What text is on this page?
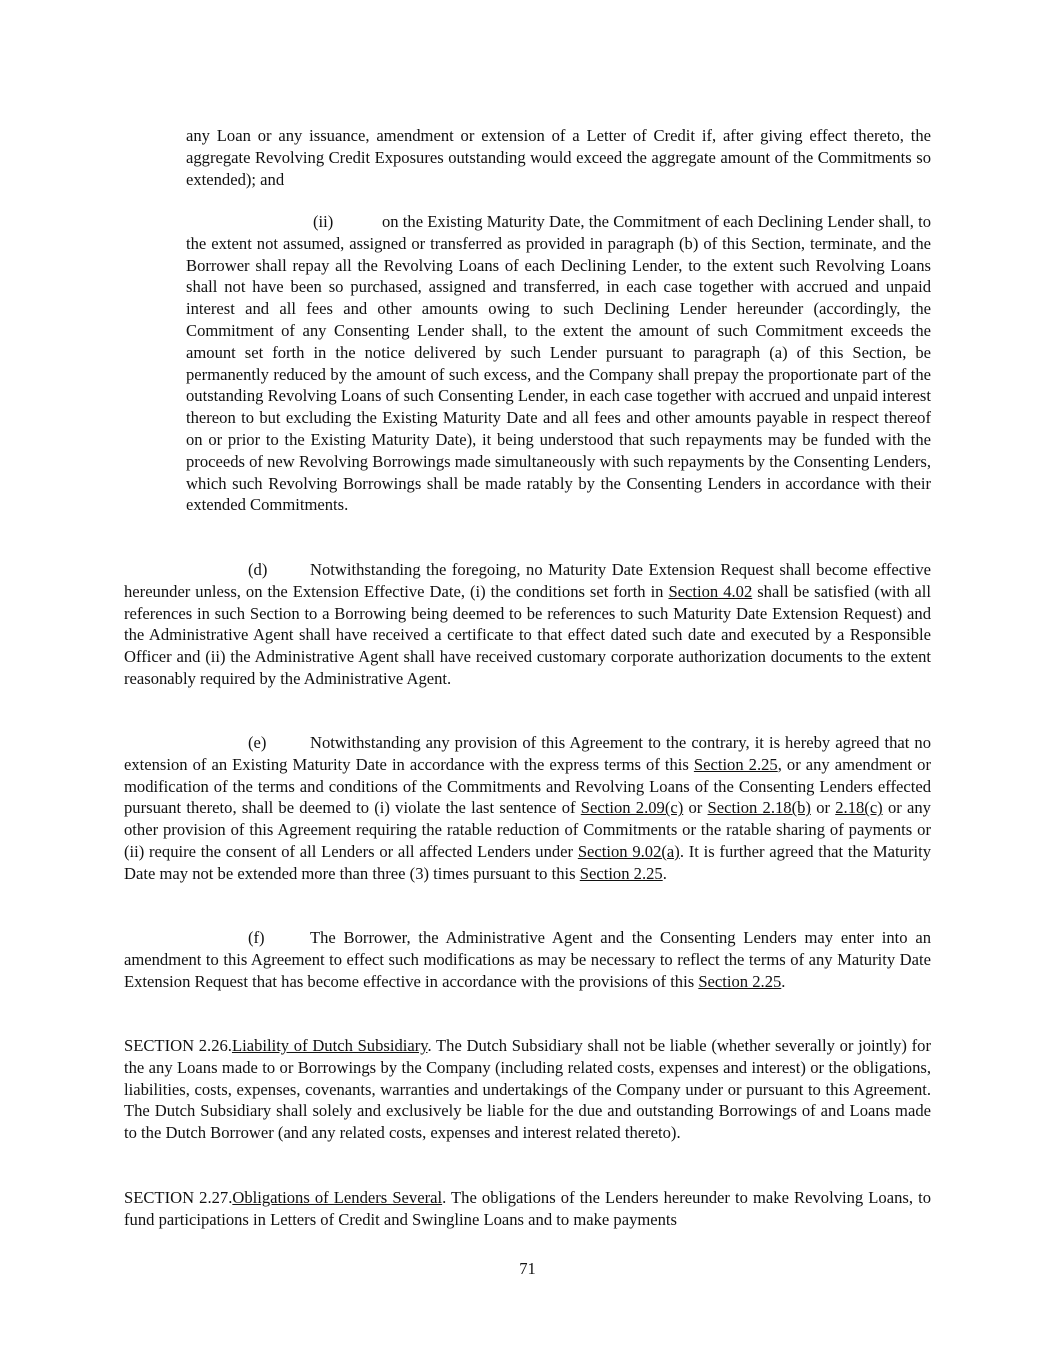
any Loan or any issuance, amendment or extension of a Letter of Credit if, after giving effect thereto, the aggregate Revolving Credit Exposures outstanding would exceed the aggregate amount of the Commitments so extended); and

(ii)	on the Existing Maturity Date, the Commitment of each Declining Lender shall, to the extent not assumed, assigned or transferred as provided in paragraph (b) of this Section, terminate, and the Borrower shall repay all the Revolving Loans of each Declining Lender, to the extent such Revolving Loans shall not have been so purchased, assigned and transferred, in each case together with accrued and unpaid interest and all fees and other amounts owing to such Declining Lender hereunder (accordingly, the Commitment of any Consenting Lender shall, to the extent the amount of such Commitment exceeds the amount set forth in the notice delivered by such Lender pursuant to paragraph (a) of this Section, be permanently reduced by the amount of such excess, and the Company shall prepay the proportionate part of the outstanding Revolving Loans of such Consenting Lender, in each case together with accrued and unpaid interest thereon to but excluding the Existing Maturity Date and all fees and other amounts payable in respect thereof on or prior to the Existing Maturity Date), it being understood that such repayments may be funded with the proceeds of new Revolving Borrowings made simultaneously with such repayments by the Consenting Lenders, which such Revolving Borrowings shall be made ratably by the Consenting Lenders in accordance with their extended Commitments.

(d)	Notwithstanding the foregoing, no Maturity Date Extension Request shall become effective hereunder unless, on the Extension Effective Date, (i) the conditions set forth in Section 4.02 shall be satisfied (with all references in such Section to a Borrowing being deemed to be references to such Maturity Date Extension Request) and the Administrative Agent shall have received a certificate to that effect dated such date and executed by a Responsible Officer and (ii) the Administrative Agent shall have received customary corporate authorization documents to the extent reasonably required by the Administrative Agent.

(e)	Notwithstanding any provision of this Agreement to the contrary, it is hereby agreed that no extension of an Existing Maturity Date in accordance with the express terms of this Section 2.25, or any amendment or modification of the terms and conditions of the Commitments and Revolving Loans of the Consenting Lenders effected pursuant thereto, shall be deemed to (i) violate the last sentence of Section 2.09(c) or Section 2.18(b) or 2.18(c) or any other provision of this Agreement requiring the ratable reduction of Commitments or the ratable sharing of payments or (ii) require the consent of all Lenders or all affected Lenders under Section 9.02(a). It is further agreed that the Maturity Date may not be extended more than three (3) times pursuant to this Section 2.25.

(f)	The Borrower, the Administrative Agent and the Consenting Lenders may enter into an amendment to this Agreement to effect such modifications as may be necessary to reflect the terms of any Maturity Date Extension Request that has become effective in accordance with the provisions of this Section 2.25.

SECTION 2.26.Liability of Dutch Subsidiary. The Dutch Subsidiary shall not be liable (whether severally or jointly) for the any Loans made to or Borrowings by the Company (including related costs, expenses and interest) or the obligations, liabilities, costs, expenses, covenants, warranties and undertakings of the Company under or pursuant to this Agreement. The Dutch Subsidiary shall solely and exclusively be liable for the due and outstanding Borrowings of and Loans made to the Dutch Borrower (and any related costs, expenses and interest related thereto).

SECTION 2.27.Obligations of Lenders Several. The obligations of the Lenders hereunder to make Revolving Loans, to fund participations in Letters of Credit and Swingline Loans and to make payments

71
